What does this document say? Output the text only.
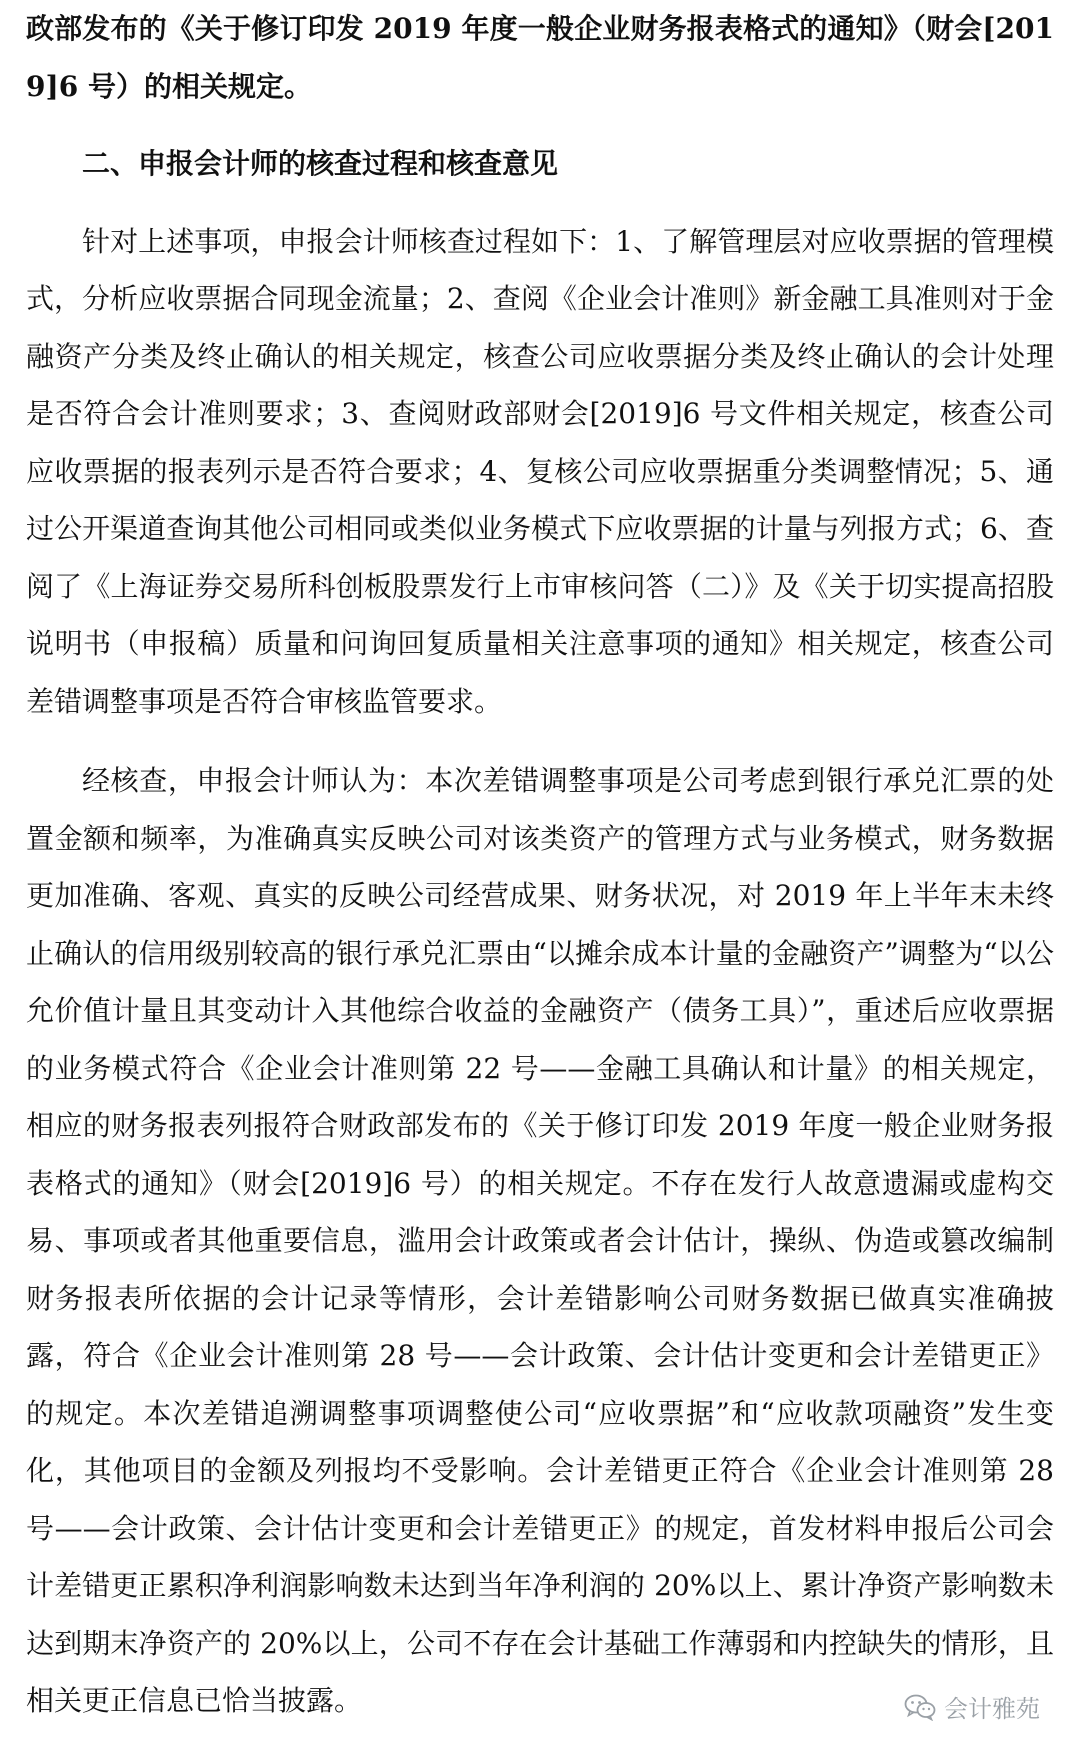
政部发布的《关于修订印发 2019 年度一般企业财务报表格式的通知》（财会[2019]6 号）的相关规定。

二、申报会计师的核查过程和核查意见

针对上述事项，申报会计师核查过程如下：1、了解管理层对应收票据的管理模式，分析应收票据合同现金流量；2、查阅《企业会计准则》新金融工具准则对于金融资产分类及终止确认的相关规定，核查公司应收票据分类及终止确认的会计处理是否符合会计准则要求；3、查阅财政部财会[2019]6 号文件相关规定，核查公司应收票据的报表列示是否符合要求；4、复核公司应收票据重分类调整情况；5、通过公开渠道查询其他公司相同或类似业务模式下应收票据的计量与列报方式；6、查阅了《上海证券交易所科创板股票发行上市审核问答（二）》及《关于切实提高招股说明书（申报稿）质量和问询回复质量相关注意事项的通知》相关规定，核查公司差错调整事项是否符合审核监管要求。

经核查，申报会计师认为：本次差错调整事项是公司考虑到银行承兑汇票的处置金额和频率，为准确真实反映公司对该类资产的管理方式与业务模式，财务数据更加准确、客观、真实的反映公司经营成果、财务状况，对 2019 年上半年末未终止确认的信用级别较高的银行承兑汇票由“以摊余成本计量的金融资产”调整为“以公允价值计量且其变动计入其他综合收益的金融资产（债务工具）”，重述后应收票据的业务模式符合《企业会计准则第 22 号——金融工具确认和计量》的相关规定，相应的财务报表列报符合财政部发布的《关于修订印发 2019 年度一般企业财务报表格式的通知》（财会[2019]6 号）的相关规定。不存在发行人故意遗漏或虚构交易、事项或者其他重要信息，滥用会计政策或者会计估计，操纵、伪造或篡改编制财务报表所依据的会计记录等情形，会计差错影响公司财务数据已做真实准确披露，符合《企业会计准则第 28 号——会计政策、会计估计变更和会计差错更正》的规定。本次差错追溯调整事项调整使公司“应收票据”和“应收款项融资”发生变化，其他项目的金额及列报均不受影响。会计差错更正符合《企业会计准则第 28 号——会计政策、会计估计变更和会计差错更正》的规定，首发材料申报后公司会计差错更正累积净利润影响数未达到当年净利润的 20%以上、累计净资产影响数未达到期末净资产的 20%以上，公司不存在会计基础工作薄弱和内控缺失的情形，且相关更正信息已恰当披露。	会计雅苑
